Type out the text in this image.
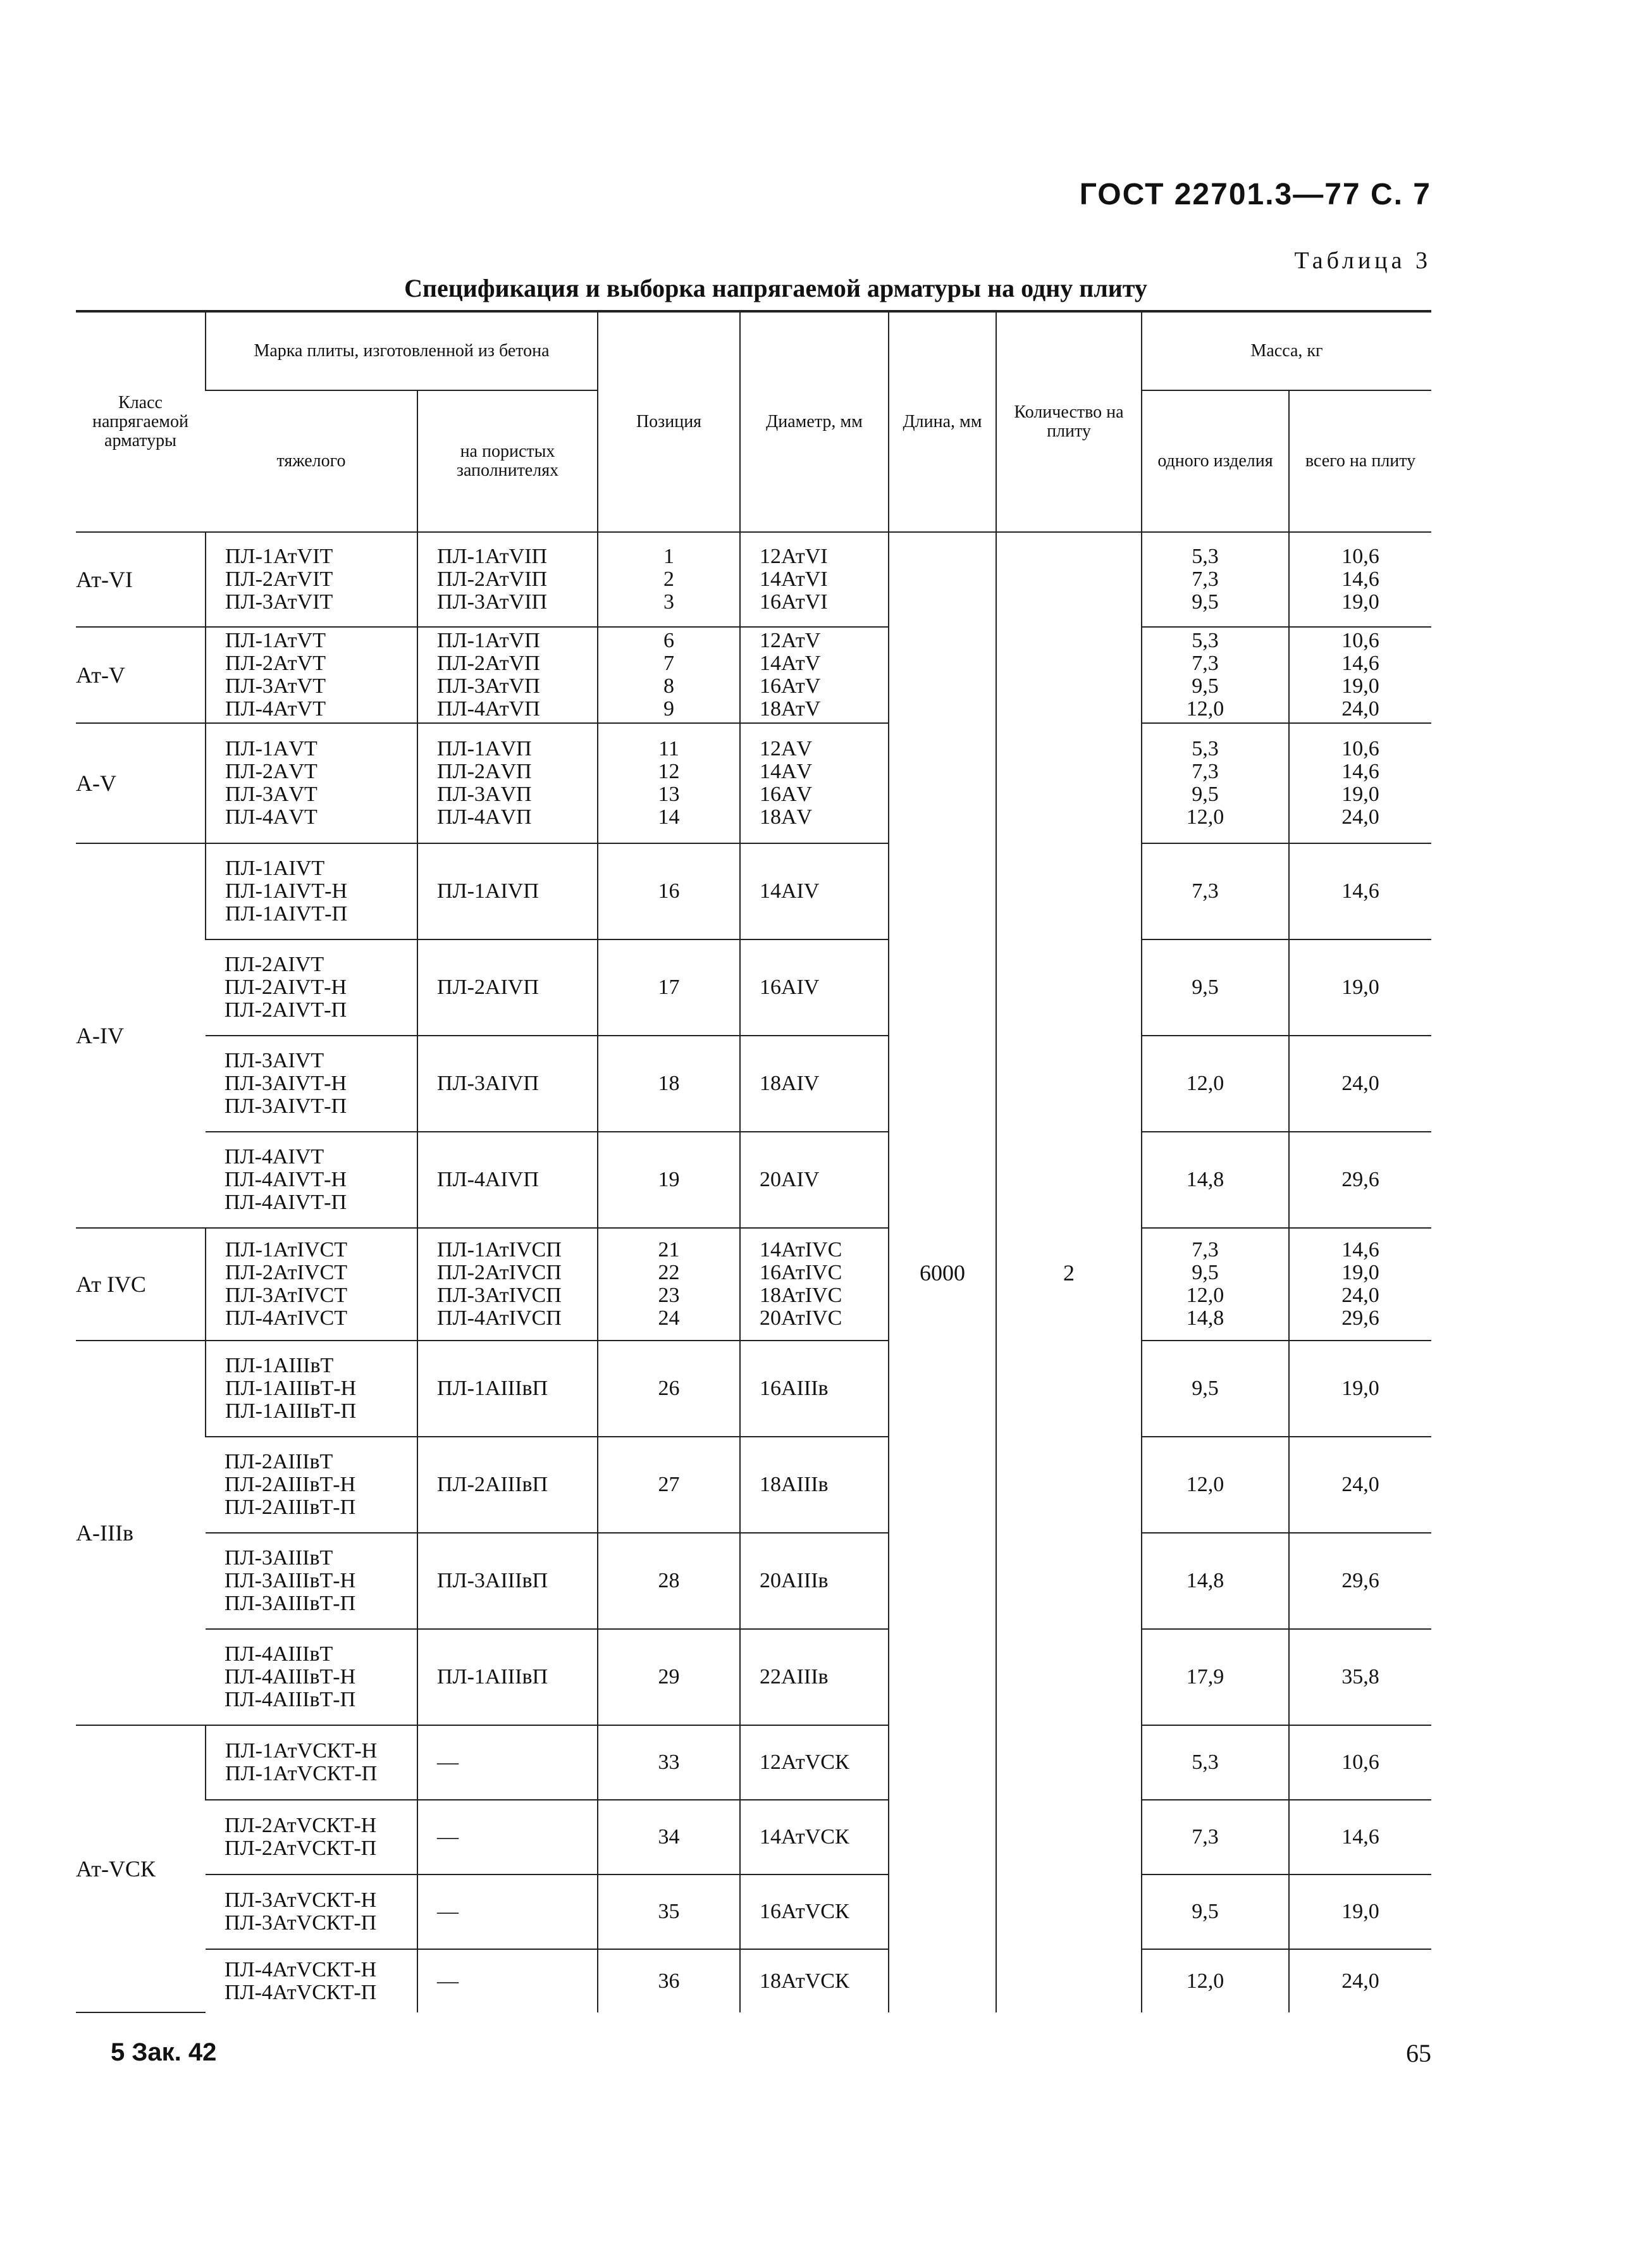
ГОСТ 22701.3—77 С. 7
Таблица 3
Спецификация и выборка напрягаемой арматуры на одну плиту
Класс напрягаемой арматуры	Марка плиты, изготовленной из бетона		Позиция	Диаметр, мм	Длина, мм	Количество на плиту	Масса, кг	
	тяжелого	на пористых заполнителях					одного изделия	всего на плиту
Ат-VI	ПЛ-1АтVIТ
ПЛ-2АтVIТ
ПЛ-3АтVIТ	ПЛ-1АтVIП
ПЛ-2АтVIП
ПЛ-3АтVIП	1
2
3	12АтVI
14АтVI
16АтVI	6000	2	5,3
7,3
9,5	10,6
14,6
19,0
Ат-V	ПЛ-1АтVТ
ПЛ-2АтVТ
ПЛ-3АтVТ
ПЛ-4АтVТ	ПЛ-1АтVП
ПЛ-2АтVП
ПЛ-3АтVП
ПЛ-4АтVП	6
7
8
9	12АтV
14АтV
16АтV
18АтV			5,3
7,3
9,5
12,0	10,6
14,6
19,0
24,0
А-V	ПЛ-1АVТ
ПЛ-2АVТ
ПЛ-3АVТ
ПЛ-4АVТ	ПЛ-1АVП
ПЛ-2АVП
ПЛ-3АVП
ПЛ-4АVП	11
12
13
14	12АV
14АV
16АV
18АV			5,3
7,3
9,5
12,0	10,6
14,6
19,0
24,0
А-IV	ПЛ-1АIVТ
ПЛ-1АIVТ-Н
ПЛ-1АIVТ-П	ПЛ-1АIVП	16	14АIV			7,3	14,6
	ПЛ-2АIVТ
ПЛ-2АIVТ-Н
ПЛ-2АIVТ-П	ПЛ-2АIVП	17	16АIV			9,5	19,0
	ПЛ-3АIVТ
ПЛ-3АIVТ-Н
ПЛ-3АIVТ-П	ПЛ-3АIVП	18	18АIV			12,0	24,0
	ПЛ-4АIVТ
ПЛ-4АIVТ-Н
ПЛ-4АIVТ-П	ПЛ-4АIVП	19	20АIV			14,8	29,6
Ат IVС	ПЛ-1АтIVСТ
ПЛ-2АтIVСТ
ПЛ-3АтIVСТ
ПЛ-4АтIVСТ	ПЛ-1АтIVСП
ПЛ-2АтIVСП
ПЛ-3АтIVСП
ПЛ-4АтIVСП	21
22
23
24	14АтIVС
16АтIVС
18АтIVС
20АтIVС			7,3
9,5
12,0
14,8	14,6
19,0
24,0
29,6
А-IIIв	ПЛ-1АIIIвТ
ПЛ-1АIIIвТ-Н
ПЛ-1АIIIвТ-П	ПЛ-1АIIIвП	26	16АIIIв			9,5	19,0
	ПЛ-2АIIIвТ
ПЛ-2АIIIвТ-Н
ПЛ-2АIIIвТ-П	ПЛ-2АIIIвП	27	18АIIIв			12,0	24,0
	ПЛ-3АIIIвТ
ПЛ-3АIIIвТ-Н
ПЛ-3АIIIвТ-П	ПЛ-3АIIIвП	28	20АIIIв			14,8	29,6
	ПЛ-4АIIIвТ
ПЛ-4АIIIвТ-Н
ПЛ-4АIIIвТ-П	ПЛ-1АIIIвП	29	22АIIIв			17,9	35,8
Ат-VСК	ПЛ-1АтVСКТ-Н
ПЛ-1АтVСКТ-П	—	33	12АтVСК			5,3	10,6
	ПЛ-2АтVСКТ-Н
ПЛ-2АтVСКТ-П	—	34	14АтVСК			7,3	14,6
	ПЛ-3АтVСКТ-Н
ПЛ-3АтVСКТ-П	—	35	16АтVСК			9,5	19,0
	ПЛ-4АтVСКТ-Н
ПЛ-4АтVСКТ-П	—	36	18АтVСК			12,0	24,0
5 Зак. 42	65
